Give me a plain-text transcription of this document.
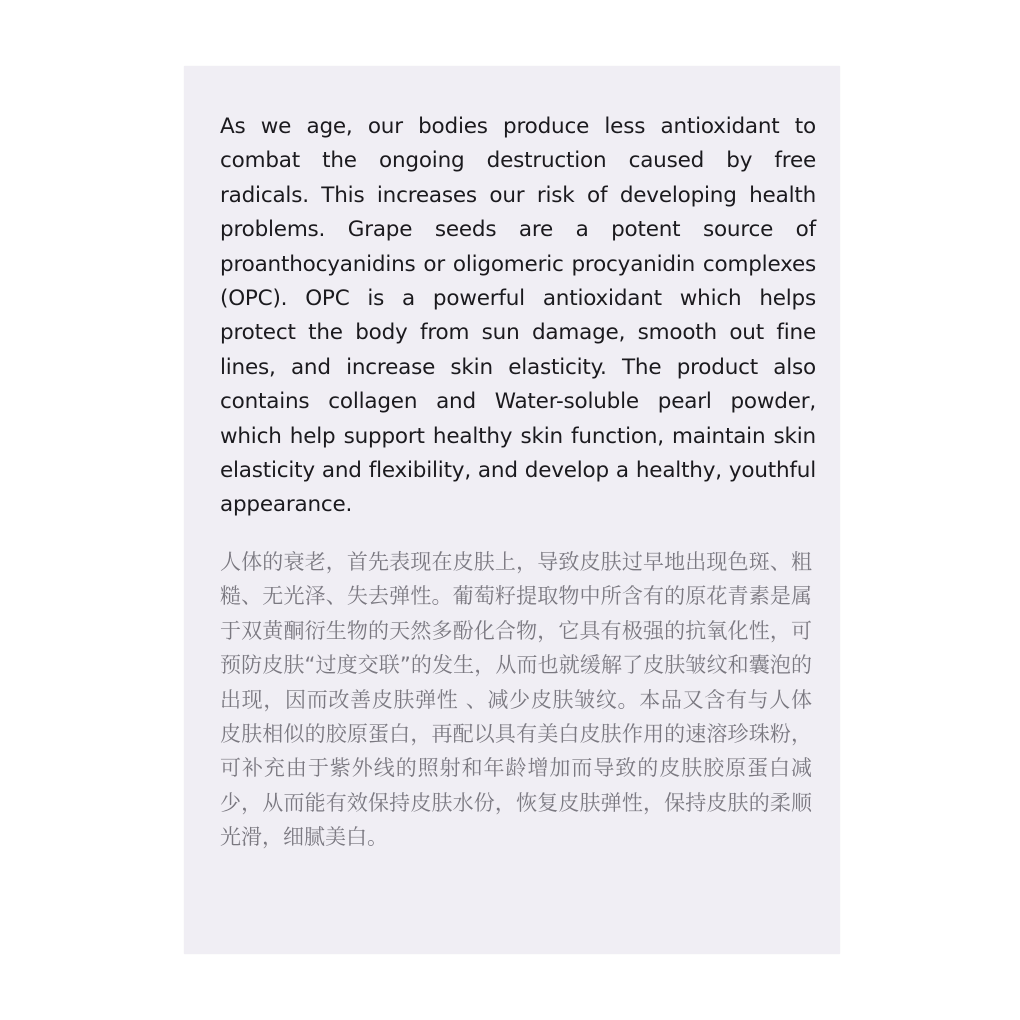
As we age, our bodies produce less antioxidant to combat the ongoing destruction caused by free radicals. This increases our risk of developing health problems. Grape seeds are a potent source of proanthocyanidins or oligomeric procyanidin complexes (OPC). OPC is a powerful antioxidant which helps protect the body from sun damage, smooth out fine lines, and increase skin elasticity. The product also contains collagen and Water-soluble pearl powder, which help support healthy skin function, maintain skin elasticity and flexibility, and develop a healthy, youthful appearance.

人体的衰老，首先表现在皮肤上，导致皮肤过早地出现色斑、粗糙、无光泽、失去弹性。葡萄籽提取物中所含有的原花青素是属于双黄酮衍生物的天然多酚化合物，它具有极强的抗氧化性，可预防皮肤“过度交联”的发生，从而也就缓解了皮肤皱纹和囊泡的出现，因而改善皮肤弹性 、减少皮肤皱纹。本品又含有与人体皮肤相似的胶原蛋白，再配以具有美白皮肤作用的速溶珍珠粉，可补充由于紫外线的照射和年龄增加而导致的皮肤胶原蛋白减少，从而能有效保持皮肤水份，恢复皮肤弹性，保持皮肤的柔顺光滑，细腻美白。
